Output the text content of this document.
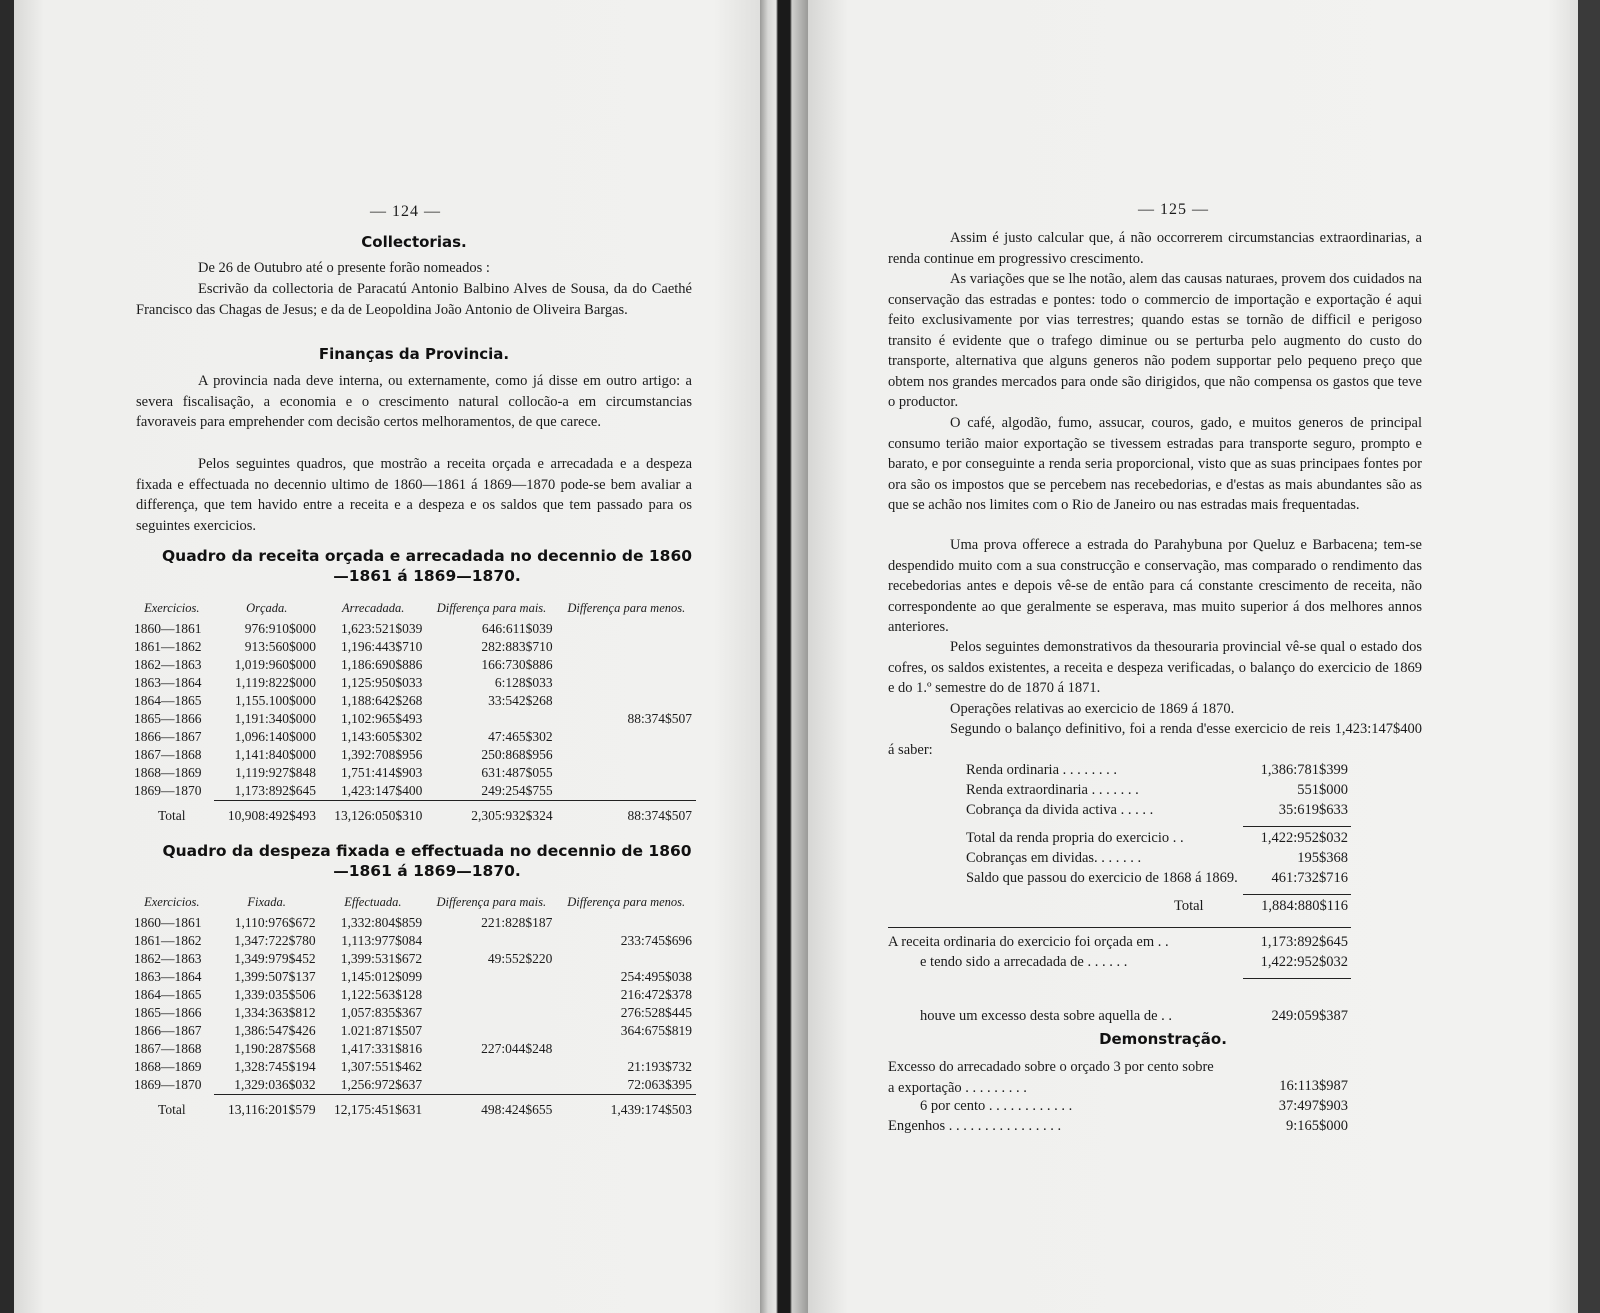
— 124 —
Collectorias.

De 26 de Outubro até o presente forão nomeados :

Escrivão da collectoria de Paracatú Antonio Balbino Alves de Sousa, da do Caethé Francisco das Chagas de Jesus; e da de Leopoldina João Antonio de Oliveira Bargas.

Finanças da Provincia.

A provincia nada deve interna, ou externamente, como já disse em outro artigo: a severa fiscalisação, a economia e o crescimento natural collocão-a em circumstancias favoraveis para emprehender com decisão certos melhoramentos, de que carece.

Pelos seguintes quadros, que mostrão a receita orçada e arrecadada e a despeza fixada e effectuada no decennio ultimo de 1860—1861 á 1869—1870 pode-se bem avaliar a differença, que tem havido entre a receita e a despeza e os saldos que tem passado para os seguintes exercicios.

Quadro da receita orçada e arrecadada no decennio de 1860—1861 á 1869—1870.
Exercicios.	Orçada.	Arrecadada.	Differença para mais.	Differença para menos.
1860—1861	976:910$000	1,623:521$039	646:611$039	
1861—1862	913:560$000	1,196:443$710	282:883$710	
1862—1863	1,019:960$000	1,186:690$886	166:730$886	
1863—1864	1,119:822$000	1,125:950$033	6:128$033	
1864—1865	1,155.100$000	1,188:642$268	33:542$268	
1865—1866	1,191:340$000	1,102:965$493		88:374$507
1866—1867	1,096:140$000	1,143:605$302	47:465$302	
1867—1868	1,141:840$000	1,392:708$956	250:868$956	
1868—1869	1,119:927$848	1,751:414$903	631:487$055	
1869—1870	1,173:892$645	1,423:147$400	249:254$755	
Total	10,908:492$493	13,126:050$310	2,305:932$324	88:374$507
Quadro da despeza fixada e effectuada no decennio de 1860—1861 á 1869—1870.
Exercicios.	Fixada.	Effectuada.	Differença para mais.	Differença para menos.
1860—1861	1,110:976$672	1,332:804$859	221:828$187	
1861—1862	1,347:722$780	1,113:977$084		233:745$696
1862—1863	1,349:979$452	1,399:531$672	49:552$220	
1863—1864	1,399:507$137	1,145:012$099		254:495$038
1864—1865	1,339:035$506	1,122:563$128		216:472$378
1865—1866	1,334:363$812	1,057:835$367		276:528$445
1866—1867	1,386:547$426	1.021:871$507		364:675$819
1867—1868	1,190:287$568	1,417:331$816	227:044$248	
1868—1869	1,328:745$194	1,307:551$462		21:193$732
1869—1870	1,329:036$032	1,256:972$637		72:063$395
Total	13,116:201$579	12,175:451$631	498:424$655	1,439:174$503
— 125 —

Assim é justo calcular que, á não occorrerem circumstancias extraordinarias, a renda continue em progressivo crescimento.

As variações que se lhe notão, alem das causas naturaes, provem dos cuidados na conservação das estradas e pontes: todo o commercio de importação e exportação é aqui feito exclusivamente por vias terrestres; quando estas se tornão de difficil e perigoso transito é evidente que o trafego diminue ou se perturba pelo augmento do custo do transporte, alternativa que alguns generos não podem supportar pelo pequeno preço que obtem nos grandes mercados para onde são dirigidos, que não compensa os gastos que teve o productor.

O café, algodão, fumo, assucar, couros, gado, e muitos generos de principal consumo terião maior exportação se tivessem estradas para transporte seguro, prompto e barato, e por conseguinte a renda seria proporcional, visto que as suas principaes fontes por ora são os impostos que se percebem nas recebedorias, e d'estas as mais abundantes são as que se achão nos limites com o Rio de Janeiro ou nas estradas mais frequentadas.

Uma prova offerece a estrada do Parahybuna por Queluz e Barbacena; tem-se despendido muito com a sua construcção e conservação, mas comparado o rendimento das recebedorias antes e depois vê-se de então para cá constante crescimento de receita, não correspondente ao que geralmente se esperava, mas muito superior á dos melhores annos anteriores.

Pelos seguintes demonstrativos da thesouraria provincial vê-se qual o estado dos cofres, os saldos existentes, a receita e despeza verificadas, o balanço do exercicio de 1869 e do 1.º semestre do de 1870 á 1871.

Operações relativas ao exercicio de 1869 á 1870.

Segundo o balanço definitivo, foi a renda d'esse exercicio de reis 1,423:147$400 á saber:

Renda ordinaria . . . . . . . .	1,386:781$399
Renda extraordinaria . . . . . . .	551$000
Cobrança da divida activa . . . . .	35:619$633
Total da renda propria do exercicio . .	1,422:952$032
Cobranças em dividas. . . . . . .	195$368
Saldo que passou do exercicio de 1868 á 1869.	461:732$716
Total	1,884:880$116
A receita ordinaria do exercicio foi orçada em . .	1,173:892$645
e tendo sido a arrecadada de . . . . . .	1,422:952$032
houve um excesso desta sobre aquella de . .	249:059$387
Demonstração.
Excesso do arrecadado sobre o orçado 3 por cento sobre a exportação . . . . . . . . .	16:113$987
6 por cento . . . . . . . . . . . .	37:497$903
Engenhos . . . . . . . . . . . . . . . .	9:165$000
